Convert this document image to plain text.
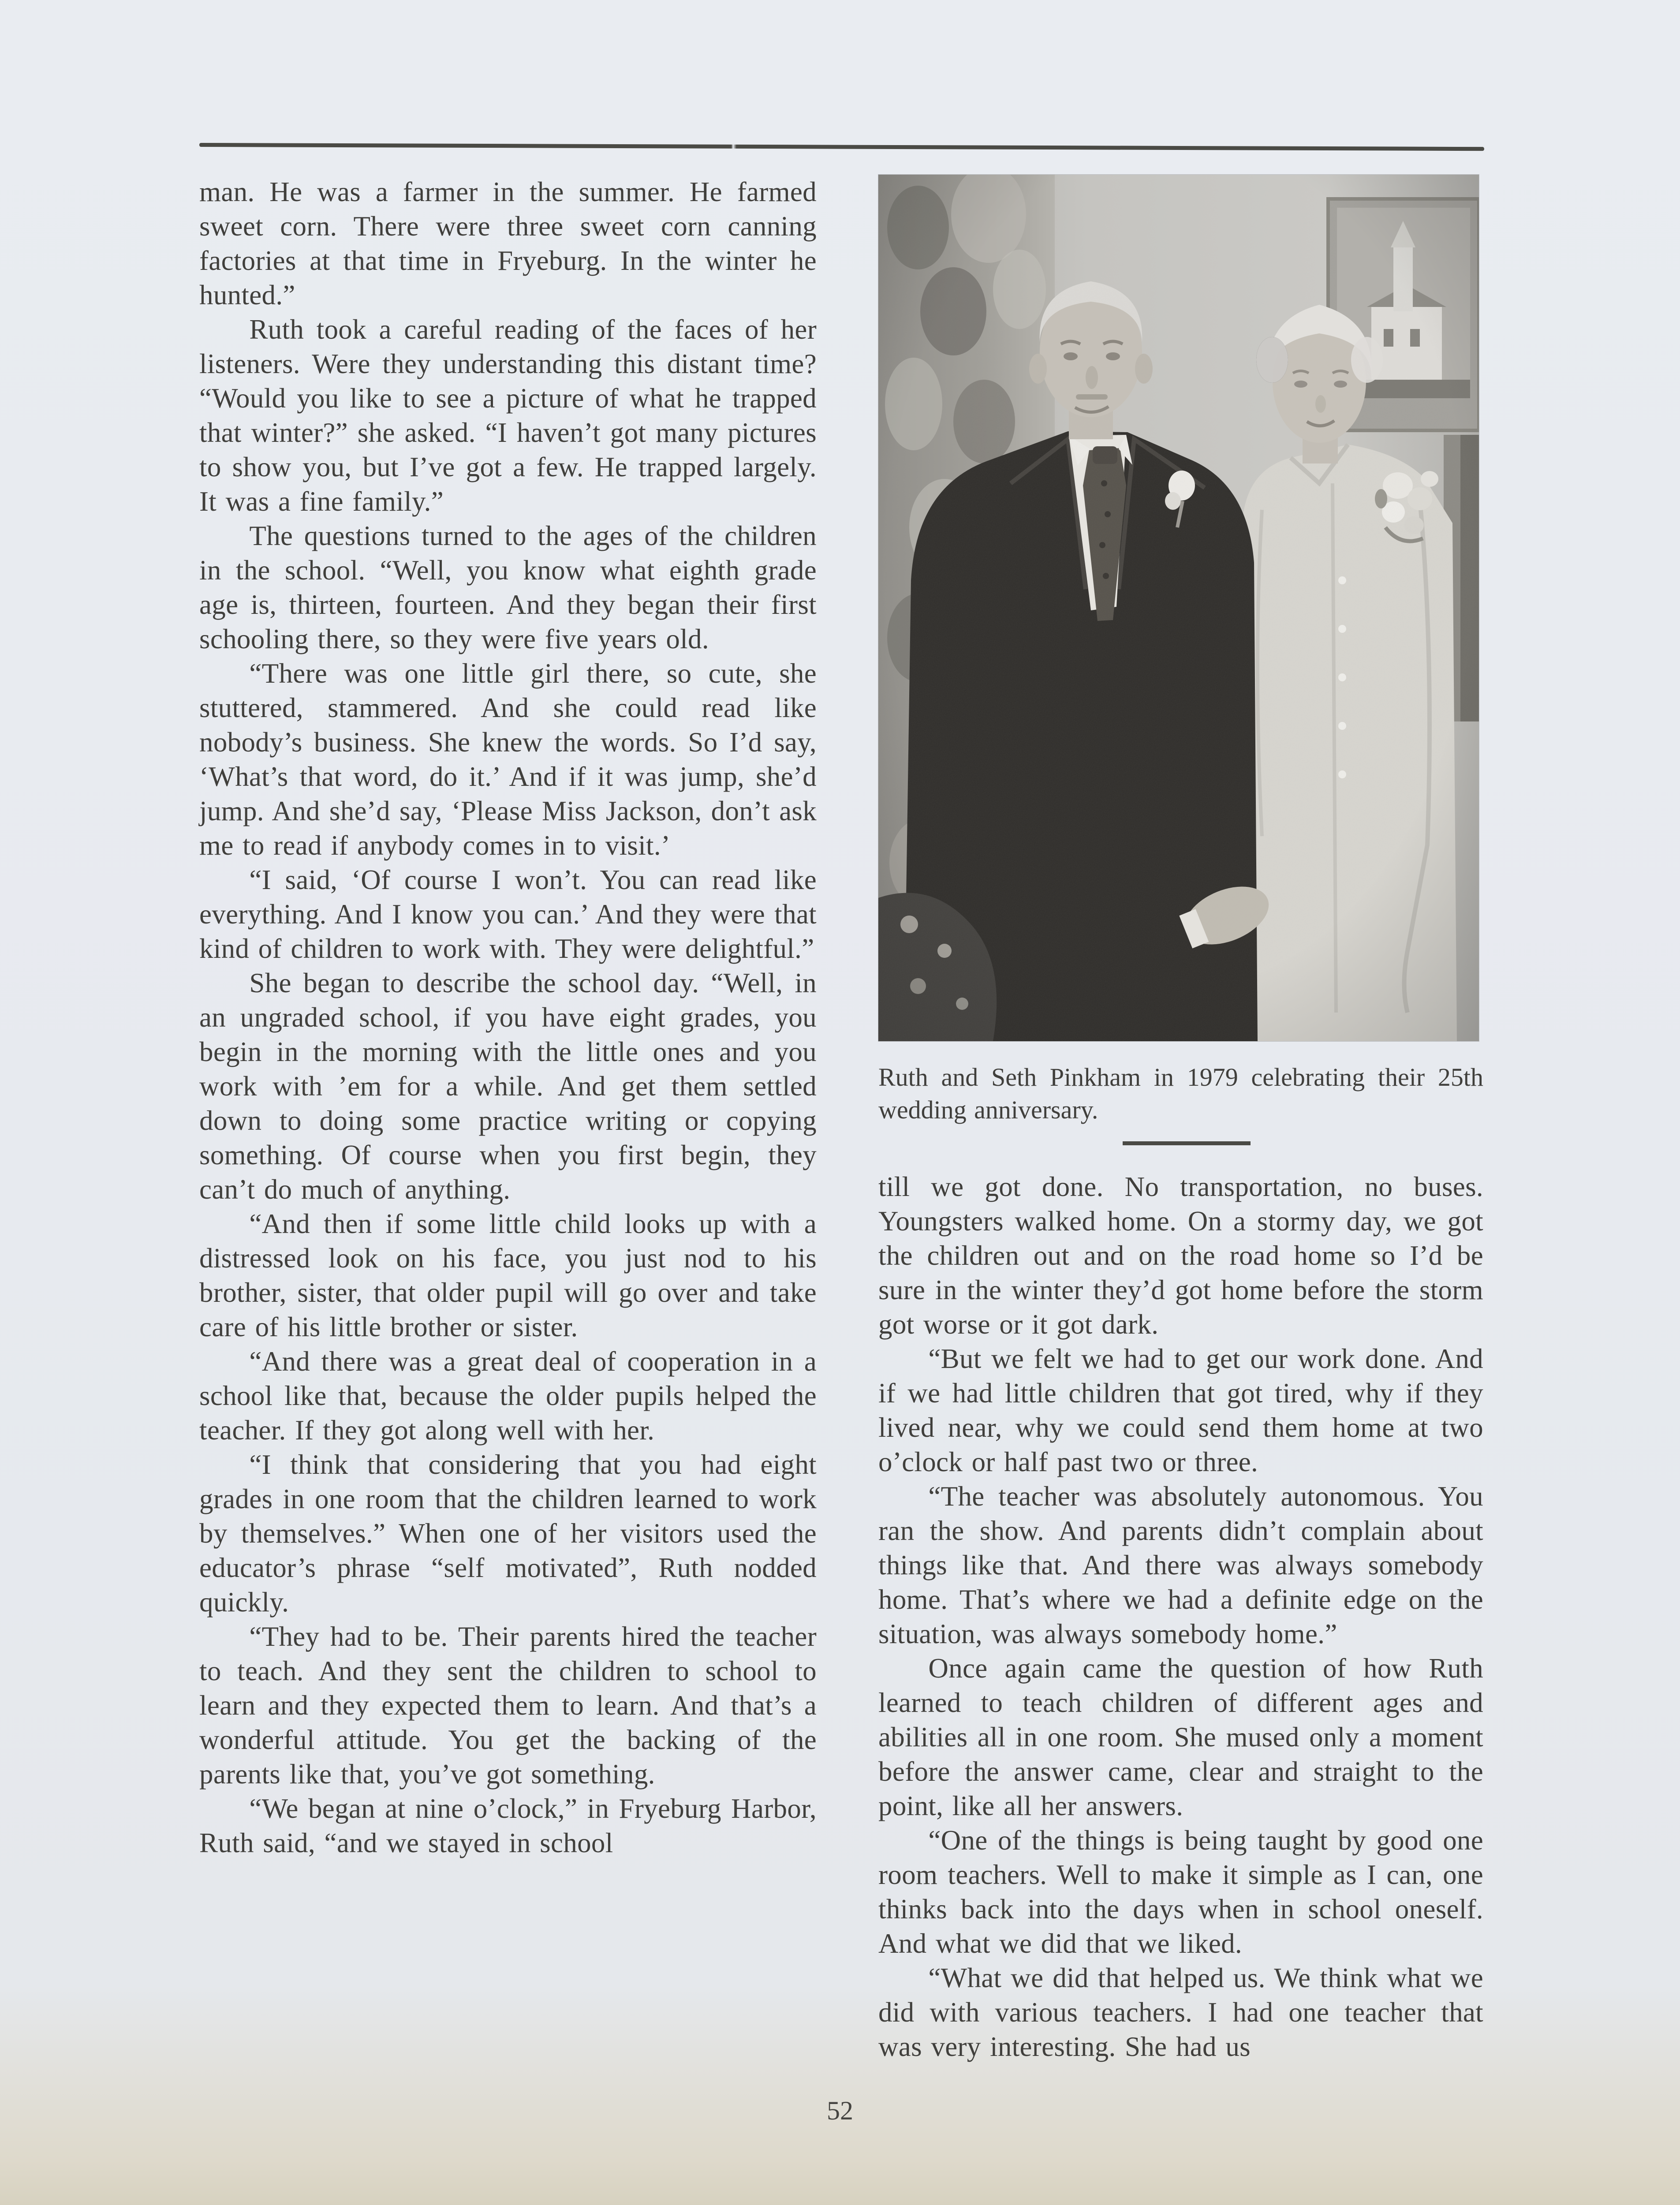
man. He was a farmer in the summer. He farmed sweet corn. There were three sweet corn canning factories at that time in Fryeburg. In the winter he hunted.”

Ruth took a careful reading of the faces of her listeners. Were they understanding this distant time? “Would you like to see a picture of what he trapped that winter?” she asked. “I haven’t got many pictures to show you, but I’ve got a few. He trapped largely. It was a fine family.”

The questions turned to the ages of the children in the school. “Well, you know what eighth grade age is, thirteen, fourteen. And they began their first schooling there, so they were five years old.

“There was one little girl there, so cute, she stuttered, stammered. And she could read like nobody’s business. She knew the words. So I’d say, ‘What’s that word, do it.’ And if it was jump, she’d jump. And she’d say, ‘Please Miss Jackson, don’t ask me to read if anybody comes in to visit.’

“I said, ‘Of course I won’t. You can read like everything. And I know you can.’ And they were that kind of children to work with. They were delightful.”

She began to describe the school day. “Well, in an ungraded school, if you have eight grades, you begin in the morning with the little ones and you work with ’em for a while. And get them settled down to doing some practice writing or copying something. Of course when you first begin, they can’t do much of anything.

“And then if some little child looks up with a distressed look on his face, you just nod to his brother, sister, that older pupil will go over and take care of his little brother or sister.

“And there was a great deal of cooperation in a school like that, because the older pupils helped the teacher. If they got along well with her.

“I think that considering that you had eight grades in one room that the children learned to work by themselves.” When one of her visitors used the educator’s phrase “self motivated”, Ruth nodded quickly.

“They had to be. Their parents hired the teacher to teach. And they sent the children to school to learn and they expected them to learn. And that’s a wonderful attitude. You get the backing of the parents like that, you’ve got something.

“We began at nine o’clock,” in Fryeburg Harbor, Ruth said, “and we stayed in school

Ruth and Seth Pinkham in 1979 celebrating their 25th wedding anniversary.

till we got done. No transportation, no buses. Youngsters walked home. On a stormy day, we got the children out and on the road home so I’d be sure in the winter they’d got home before the storm got worse or it got dark.

“But we felt we had to get our work done. And if we had little children that got tired, why if they lived near, why we could send them home at two o’clock or half past two or three.

“The teacher was absolutely autonomous. You ran the show. And parents didn’t complain about things like that. And there was always somebody home. That’s where we had a definite edge on the situation, was always somebody home.”

Once again came the question of how Ruth learned to teach children of different ages and abilities all in one room. She mused only a moment before the answer came, clear and straight to the point, like all her answers.

“One of the things is being taught by good one room teachers. Well to make it simple as I can, one thinks back into the days when in school oneself. And what we did that we liked.

“What we did that helped us. We think what we did with various teachers. I had one teacher that was very interesting. She had us

52
